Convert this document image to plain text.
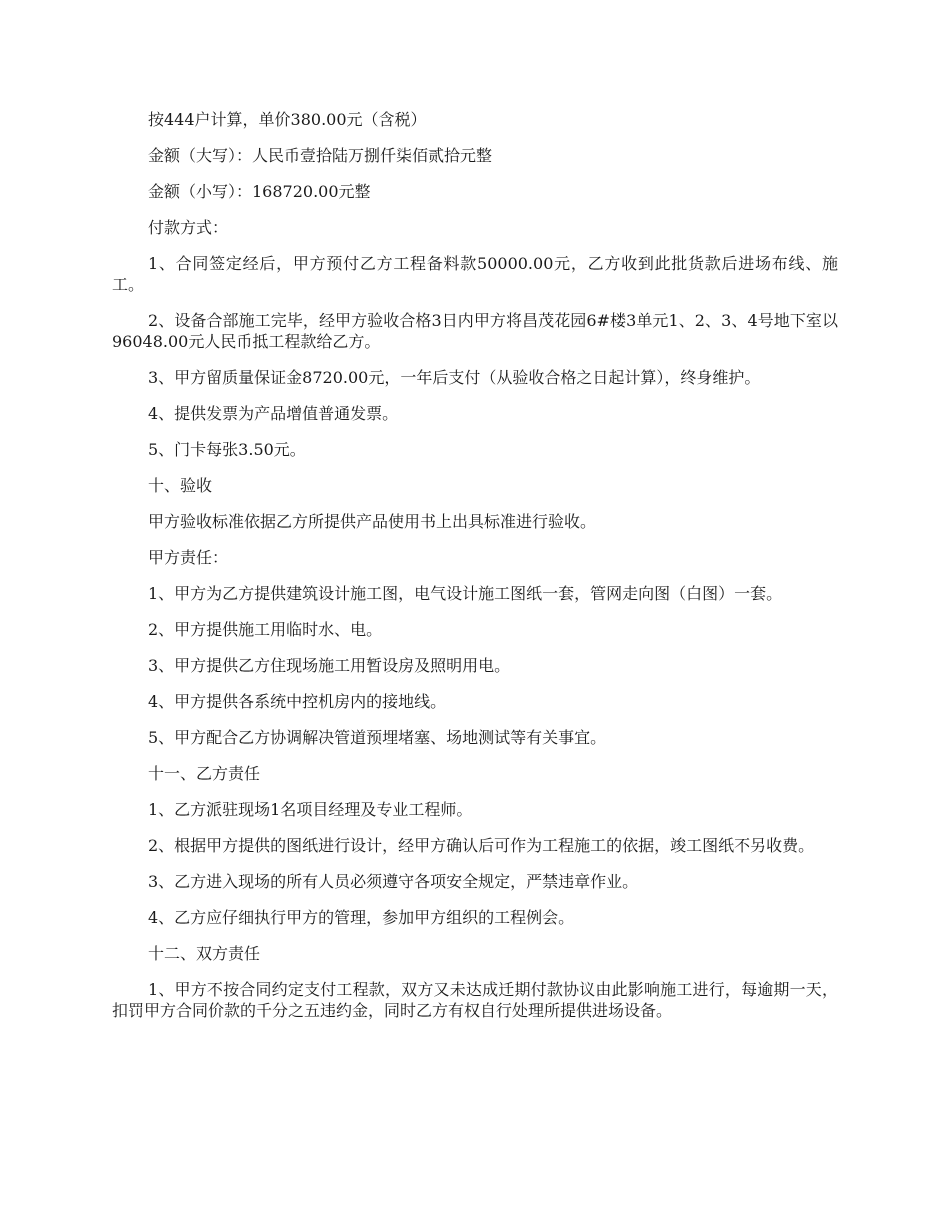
按444户计算，单价380.00元（含税）

金额（大写）：人民币壹拾陆万捌仟柒佰贰拾元整

金额（小写）：168720.00元整

付款方式：

1、合同签定经后，甲方预付乙方工程备料款50000.00元，乙方收到此批货款后进场布线、施工。

2、设备合部施工完毕，经甲方验收合格3日内甲方将昌茂花园6#楼3单元1、2、3、4号地下室以96048.00元人民币抵工程款给乙方。

3、甲方留质量保证金8720.00元，一年后支付（从验收合格之日起计算），终身维护。

4、提供发票为产品增值普通发票。

5、门卡每张3.50元。

十、验收

甲方验收标准依据乙方所提供产品使用书上出具标准进行验收。

甲方责任：

1、甲方为乙方提供建筑设计施工图，电气设计施工图纸一套，管网走向图（白图）一套。

2、甲方提供施工用临时水、电。

3、甲方提供乙方住现场施工用暂设房及照明用电。

4、甲方提供各系统中控机房内的接地线。

5、甲方配合乙方协调解决管道预埋堵塞、场地测试等有关事宜。

十一、乙方责任

1、乙方派驻现场1名项目经理及专业工程师。

2、根据甲方提供的图纸进行设计，经甲方确认后可作为工程施工的依据，竣工图纸不另收费。

3、乙方进入现场的所有人员必须遵守各项安全规定，严禁违章作业。

4、乙方应仔细执行甲方的管理，参加甲方组织的工程例会。

十二、双方责任

1、甲方不按合同约定支付工程款，双方又未达成迁期付款协议由此影响施工进行，每逾期一天，扣罚甲方合同价款的千分之五违约金，同时乙方有权自行处理所提供进场设备。
